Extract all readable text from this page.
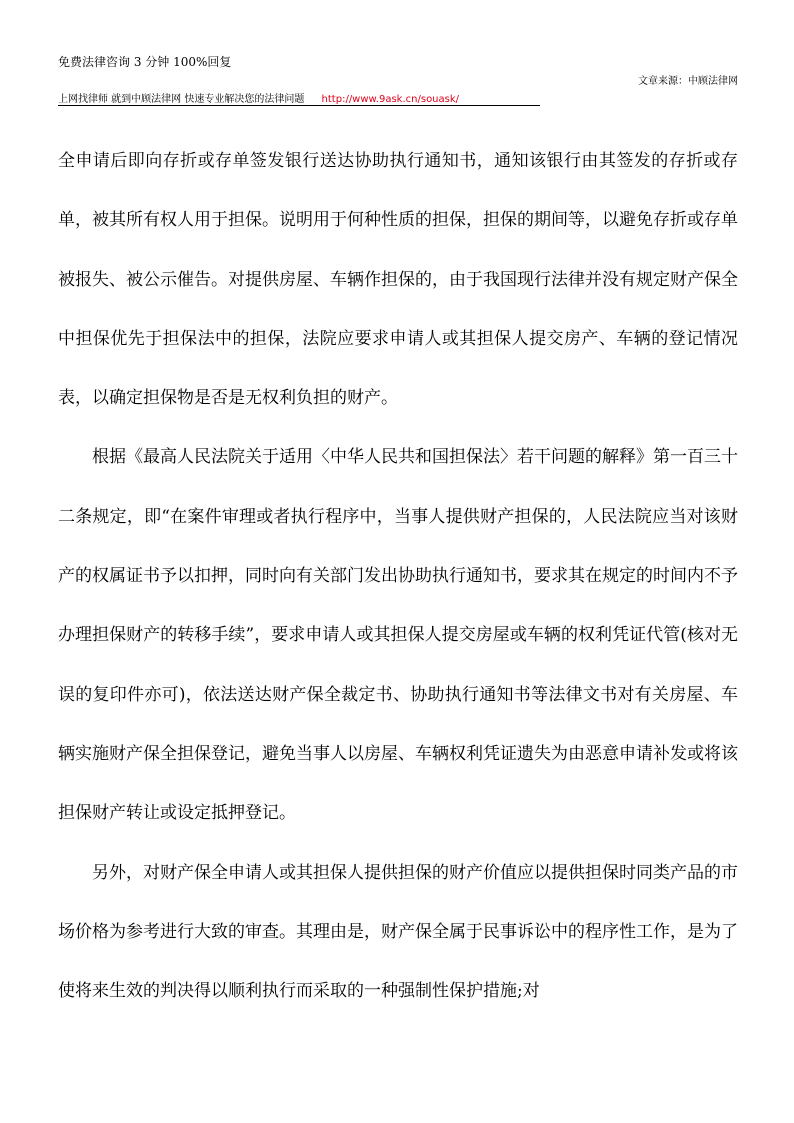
免费法律咨询 3 分钟 100%回复
文章来源：中顾法律网
上网找律师 就到中顾法律网 快速专业解决您的法律问题 http://www.9ask.cn/souask/

全申请后即向存折或存单签发银行送达协助执行通知书，通知该银行由其签发的存折或存单，被其所有权人用于担保。说明用于何种性质的担保，担保的期间等，以避免存折或存单被报失、被公示催告。对提供房屋、车辆作担保的，由于我国现行法律并没有规定财产保全中担保优先于担保法中的担保，法院应要求申请人或其担保人提交房产、车辆的登记情况表，以确定担保物是否是无权利负担的财产。

根据《最高人民法院关于适用〈中华人民共和国担保法〉若干问题的解释》第一百三十二条规定，即“在案件审理或者执行程序中，当事人提供财产担保的，人民法院应当对该财产的权属证书予以扣押，同时向有关部门发出协助执行通知书，要求其在规定的时间内不予办理担保财产的转移手续”，要求申请人或其担保人提交房屋或车辆的权利凭证代管(核对无误的复印件亦可)，依法送达财产保全裁定书、协助执行通知书等法律文书对有关房屋、车辆实施财产保全担保登记，避免当事人以房屋、车辆权利凭证遗失为由恶意申请补发或将该担保财产转让或设定抵押登记。

另外，对财产保全申请人或其担保人提供担保的财产价值应以提供担保时同类产品的市场价格为参考进行大致的审查。其理由是，财产保全属于民事诉讼中的程序性工作，是为了使将来生效的判决得以顺利执行而采取的一种强制性保护措施;对
